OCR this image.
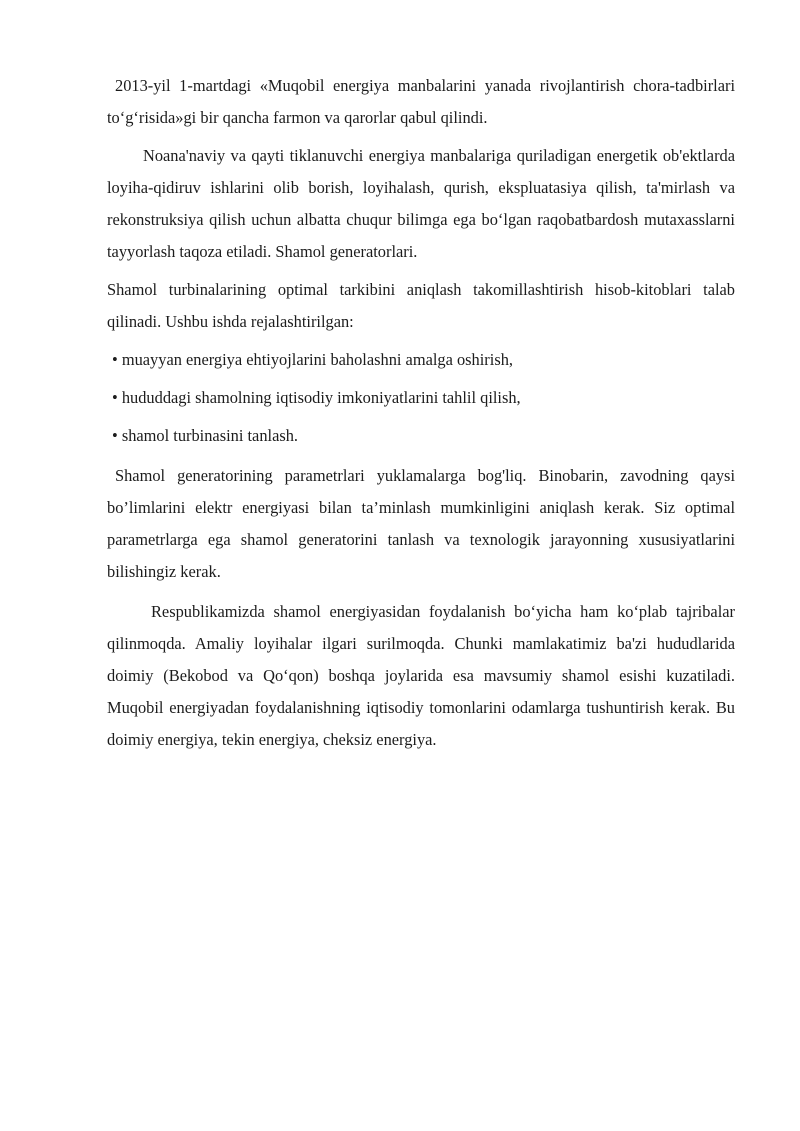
2013-yil 1-martdagi «Muqobil energiya manbalarini yanada rivojlantirish chora-tadbirlari to‘g‘risida»gi bir qancha farmon va qarorlar qabul qilindi.

Noana'naviy va qayti tiklanuvchi energiya manbalariga quriladigan energetik ob'ektlarda loyiha-qidiruv ishlarini olib borish, loyihalash, qurish, ekspluatasiya qilish, ta'mirlash va rekonstruksiya qilish uchun albatta chuqur bilimga ega bo‘lgan raqobatbardosh mutaxasslarni tayyorlash taqoza etiladi. Shamol generatorlari.

Shamol turbinalarining optimal tarkibini aniqlash takomillashtirish hisob-kitoblari talab qilinadi. Ushbu ishda rejalashtirilgan:

• muayyan energiya ehtiyojlarini baholashni amalga oshirish,

• hududdagi shamolning iqtisodiy imkoniyatlarini tahlil qilish,

• shamol turbinasini tanlash.

Shamol generatorining parametrlari yuklamalarga bog'liq. Binobarin, zavodning qaysi bo’limlarini elektr energiyasi bilan ta’minlash mumkinligini aniqlash kerak. Siz optimal parametrlarga ega shamol generatorini tanlash va texnologik jarayonning xususiyatlarini bilishingiz kerak.

Respublikamizda shamol energiyasidan foydalanish bo‘yicha ham ko‘plab tajribalar qilinmoqda. Amaliy loyihalar ilgari surilmoqda. Chunki mamlakatimiz ba'zi hududlarida doimiy (Bekobod va Qo‘qon) boshqa joylarida esa mavsumiy shamol esishi kuzatiladi. Muqobil energiyadan foydalanishning iqtisodiy tomonlarini odamlarga tushuntirish kerak. Bu doimiy energiya, tekin energiya, cheksiz energiya.
